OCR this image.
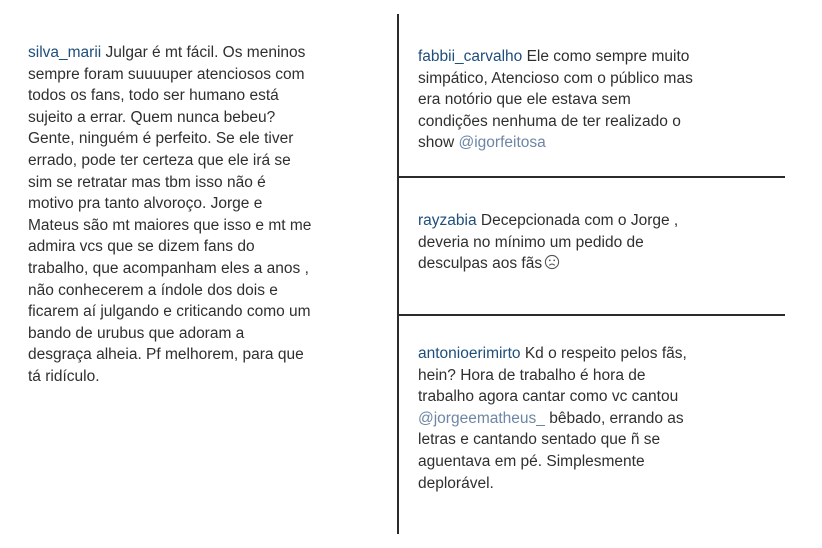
silva_marii Julgar é mt fácil. Os meninos
sempre foram suuuuper atenciosos com
todos os fans, todo ser humano está
sujeito a errar. Quem nunca bebeu?
Gente, ninguém é perfeito. Se ele tiver
errado, pode ter certeza que ele irá se
sim se retratar mas tbm isso não é
motivo pra tanto alvoroço. Jorge e
Mateus são mt maiores que isso e mt me
admira vcs que se dizem fans do
trabalho, que acompanham eles a anos ,
não conhecerem a índole dos dois e
ficarem aí julgando e criticando como um
bando de urubus que adoram a
desgraça alheia. Pf melhorem, para que
tá ridículo.
fabbii_carvalho Ele como sempre muito
simpático, Atencioso com o público mas
era notório que ele estava sem
condições nenhuma de ter realizado o
show @igorfeitosa
rayzabia Decepcionada com o Jorge ,
deveria no mínimo um pedido de
desculpas aos fãs
antonioerimirto Kd o respeito pelos fãs,
hein? Hora de trabalho é hora de
trabalho agora cantar como vc cantou
@jorgeematheus_ bêbado, errando as
letras e cantando sentado que ñ se
aguentava em pé. Simplesmente
deplorável.
